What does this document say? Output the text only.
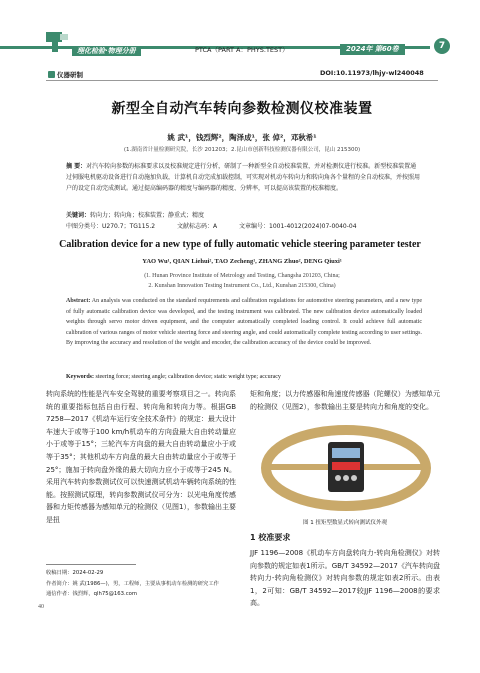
理化检验·物理分册	PTCA（PART A：PHYS.TEST）	2024年 第60卷	7
仪器研制	DOI:10.11973/lhjy-wl240048
新型全自动汽车转向参数检测仪校准装置
姚 武¹，钱烈辉²，陶泽成¹，张 倬²，邓秋希¹
(1.湖南省计量检测研究院，长沙 201203；2.昆山市创新科技检测仪器有限公司，昆山 215300)
摘 要：对汽车转向参数的标准要求以及校准规定进行分析，研制了一种新型全自动校准装置，并对检测仪进行校准。新型校准装置通过伺服电机驱动设备进行自动施加负载，计算机自动完成加载控制，可实现对机动车转向力和转向角各个量程的全自动校准，并按照用户的设定自动完成测试。通过提高编码器的精度与编码器的精度、分辨率，可以提高该装置的校准精度。
关键词：转向力；转向角；校准装置；静重式；精度
中图分类号：U270.7；TG115.2	文献标志码：A	文章编号：1001-4012(2024)07-0040-04
Calibration device for a new type of fully automatic vehicle steering parameter tester
YAO Wu¹, QIAN Liehui², TAO Zecheng¹, ZHANG Zhuo², DENG Qiuxi¹
(1. Hunan Province Institute of Metrology and Testing, Changsha 201203, China;
2. Kunshan Innovation Testing Instrument Co., Ltd., Kunshan 215300, China)
Abstract: An analysis was conducted on the standard requirements and calibration regulations for automotive steering parameters, and a new type of fully automatic calibration device was developed, and the testing instrument was calibrated. The new calibration device automatically loaded weights through servo motor driven equipment, and the computer automatically completed loading control. It could achieve full automatic calibration of various ranges of motor vehicle steering force and steering angle, and could automatically complete testing according to user settings. By improving the accuracy and resolution of the weight and encoder, the calibration accuracy of the device could be improved.
Keywords: steering force; steering angle; calibration device; static weight type; accuracy
转向系统的性能是汽车安全驾驶的重要考察项目之一。转向系统的重要指标包括自由行程、转向角和转向力等。根据GB 7258—2017《机动车运行安全技术条件》的规定：最大设计车速大于或等于100 km/h机动车的方向盘最大自由转动量应小于或等于15°；三轮汽车方向盘的最大自由转动量应小于或等于35°；其他机动车方向盘的最大自由转动量应小于或等于25°；施加于转向盘外缘的最大切向力应小于或等于245 N。采用汽车转向参数测试仪可以快速测试机动车辆转向系统的性能。按照测试原理，转向参数测试仪可分为：以光电角度传感器和力矩传感器为感知单元的检测仪（见图1），参数输出主要是扭
矩和角度；以力传感器和角速度传感器（陀螺仪）为感知单元的检测仪（见图2），参数输出主要是转向力和角度的变化。
图 1 扭矩型数显式转向测试仪外观
1 校准要求
JJF 1196—2008《机动车方向盘转向力-转向角检测仪》对转向参数的规定如表1所示。GB/T 34592—2017《汽车转向盘转向力-转向角检测仪》对转向参数的规定如表2所示。由表1，2可知：GB/T 34592—2017较JJF 1196—2008的要求高。
收稿日期：2024-02-29
作者简介：姚 武(1986—)，男，工程师，主要从事机动车检测的研究工作
通信作者：钱烈辉，qlh75@163.com
40
